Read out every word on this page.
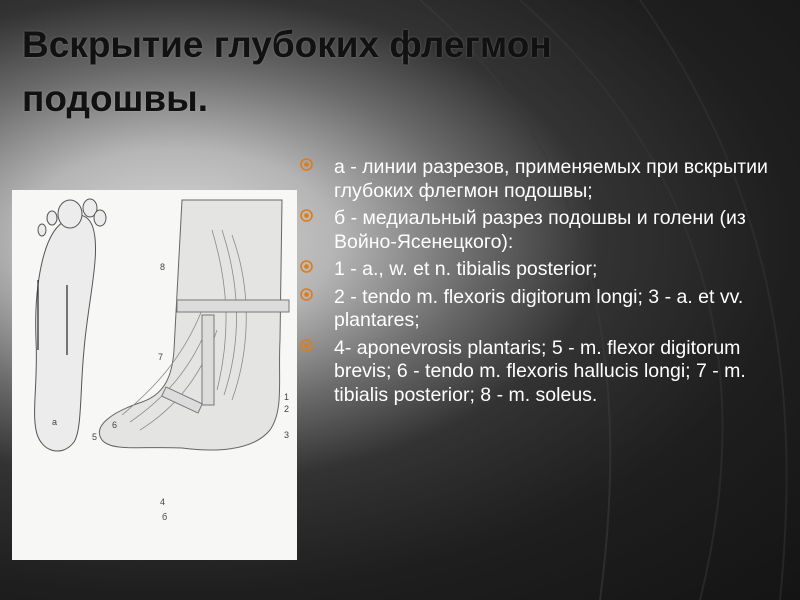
Вскрытие глубоких флегмон подошвы.
8
7
1
2
6
3
5
4
а
б
а - линии разрезов, применяемых при вскрытии глубоких флегмон подошвы;
б - медиальный разрез подошвы и голени (из Войно-Ясенецкого):
1 - a., w. et n. tibialis posterior;
2 - tendo m. flexoris digitorum longi; 3 - a. et vv. plantares;
4- aponevrosis plantaris; 5 - m. flexor digitorum brevis; 6 - tendo m. flexoris hallucis longi; 7 - m. tibialis posterior; 8 - m. soleus.
